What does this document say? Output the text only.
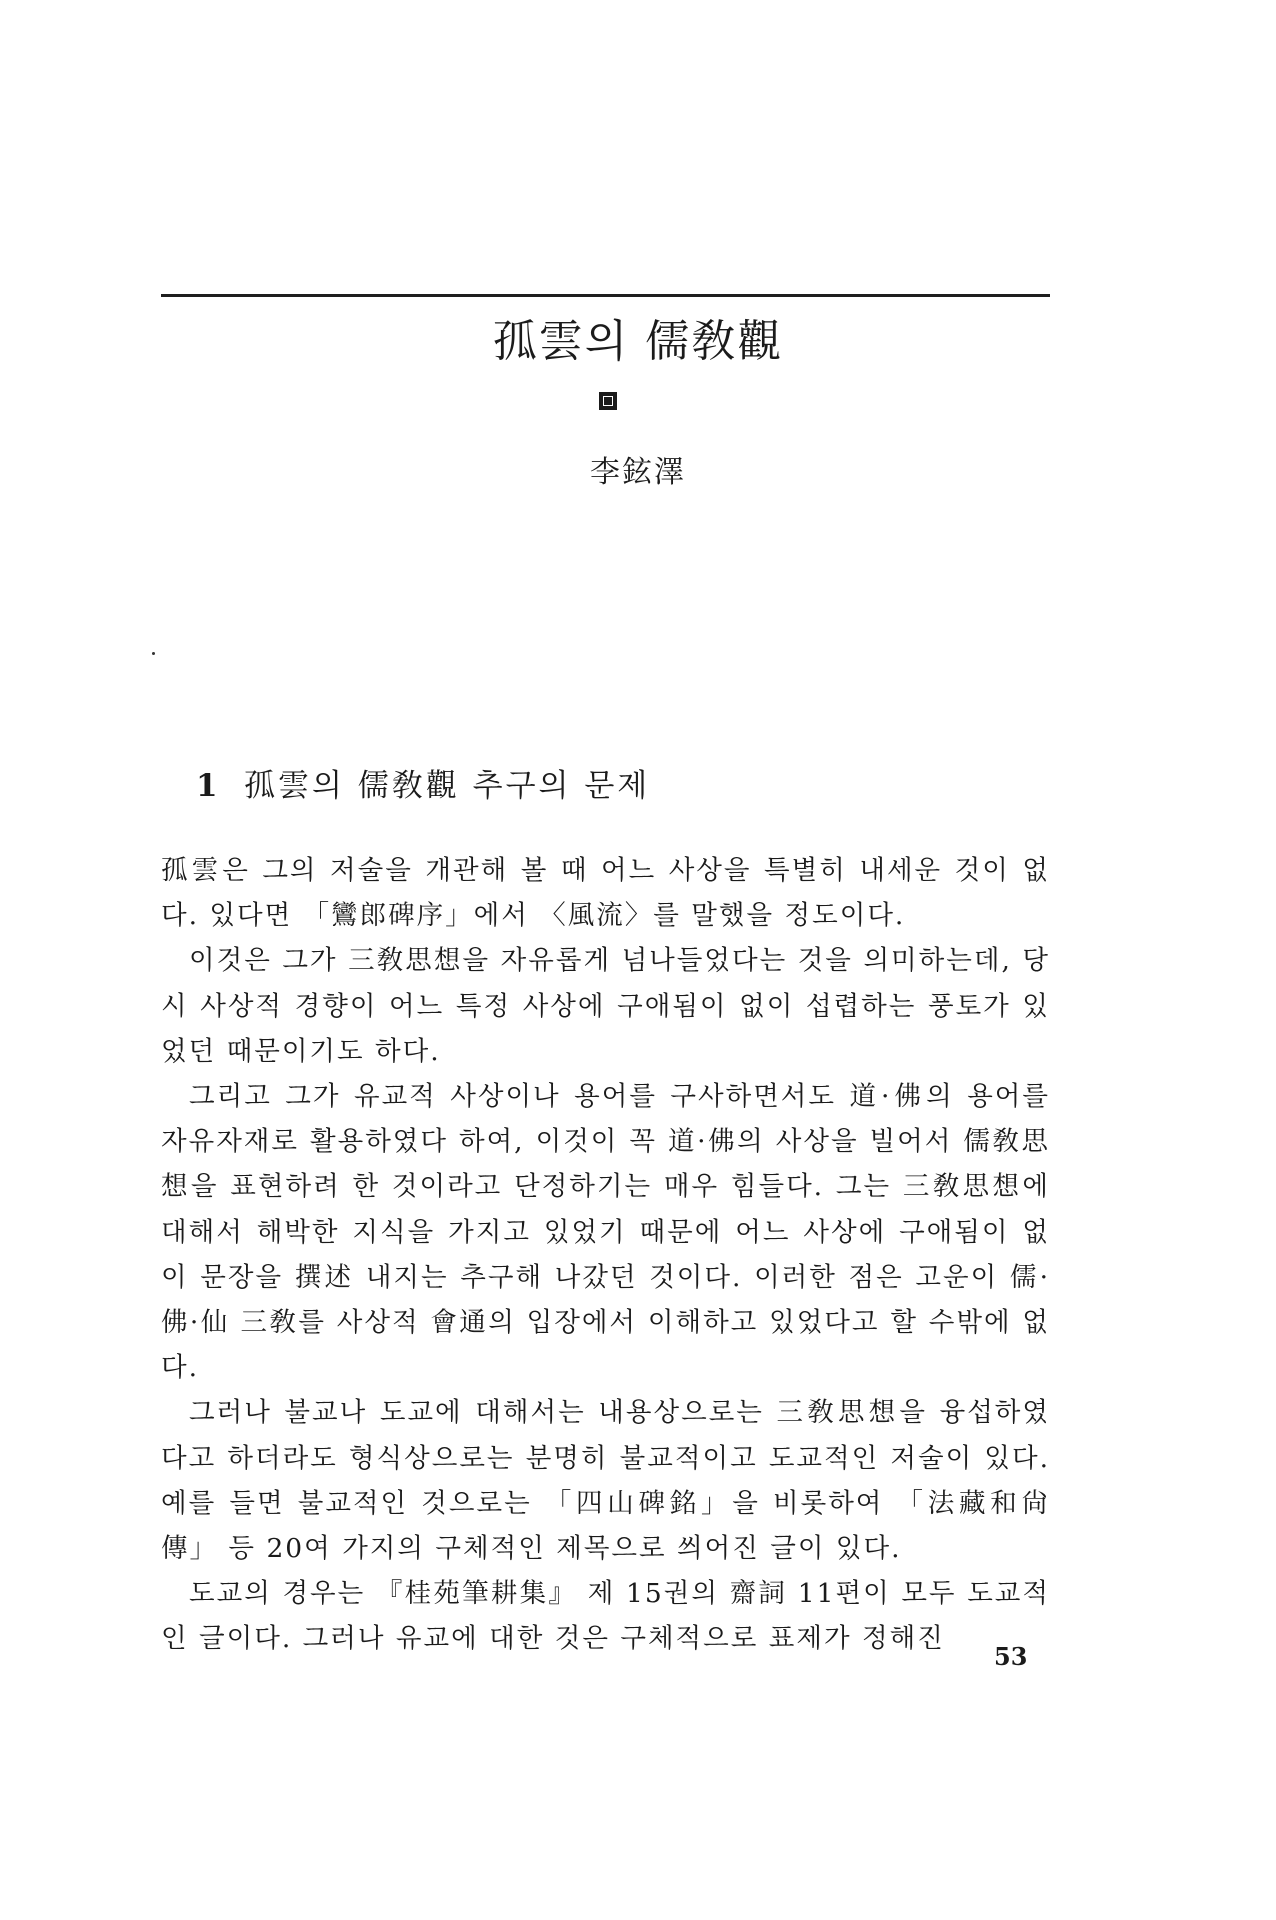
孤雲의 儒敎觀
李鉉澤
1 孤雲의 儒敎觀 추구의 문제

孤雲은 그의 저술을 개관해 볼 때 어느 사상을 특별히 내세운 것이 없다. 있다면 「鸞郎碑序」에서 〈風流〉를 말했을 정도이다.

이것은 그가 三敎思想을 자유롭게 넘나들었다는 것을 의미하는데, 당시 사상적 경향이 어느 특정 사상에 구애됨이 없이 섭렵하는 풍토가 있었던 때문이기도 하다.

그리고 그가 유교적 사상이나 용어를 구사하면서도 道·佛의 용어를 자유자재로 활용하였다 하여, 이것이 꼭 道·佛의 사상을 빌어서 儒敎思想을 표현하려 한 것이라고 단정하기는 매우 힘들다. 그는 三敎思想에 대해서 해박한 지식을 가지고 있었기 때문에 어느 사상에 구애됨이 없이 문장을 撰述 내지는 추구해 나갔던 것이다. 이러한 점은 고운이 儒·佛·仙 三敎를 사상적 會通의 입장에서 이해하고 있었다고 할 수밖에 없다.

그러나 불교나 도교에 대해서는 내용상으로는 三敎思想을 융섭하였다고 하더라도 형식상으로는 분명히 불교적이고 도교적인 저술이 있다. 예를 들면 불교적인 것으로는 「四山碑銘」을 비롯하여 「法藏和尙傳」 등 20여 가지의 구체적인 제목으로 씌어진 글이 있다.

도교의 경우는 『桂苑筆耕集』 제 15권의 齋詞 11편이 모두 도교적인 글이다. 그러나 유교에 대한 것은 구체적으로 표제가 정해진

53
